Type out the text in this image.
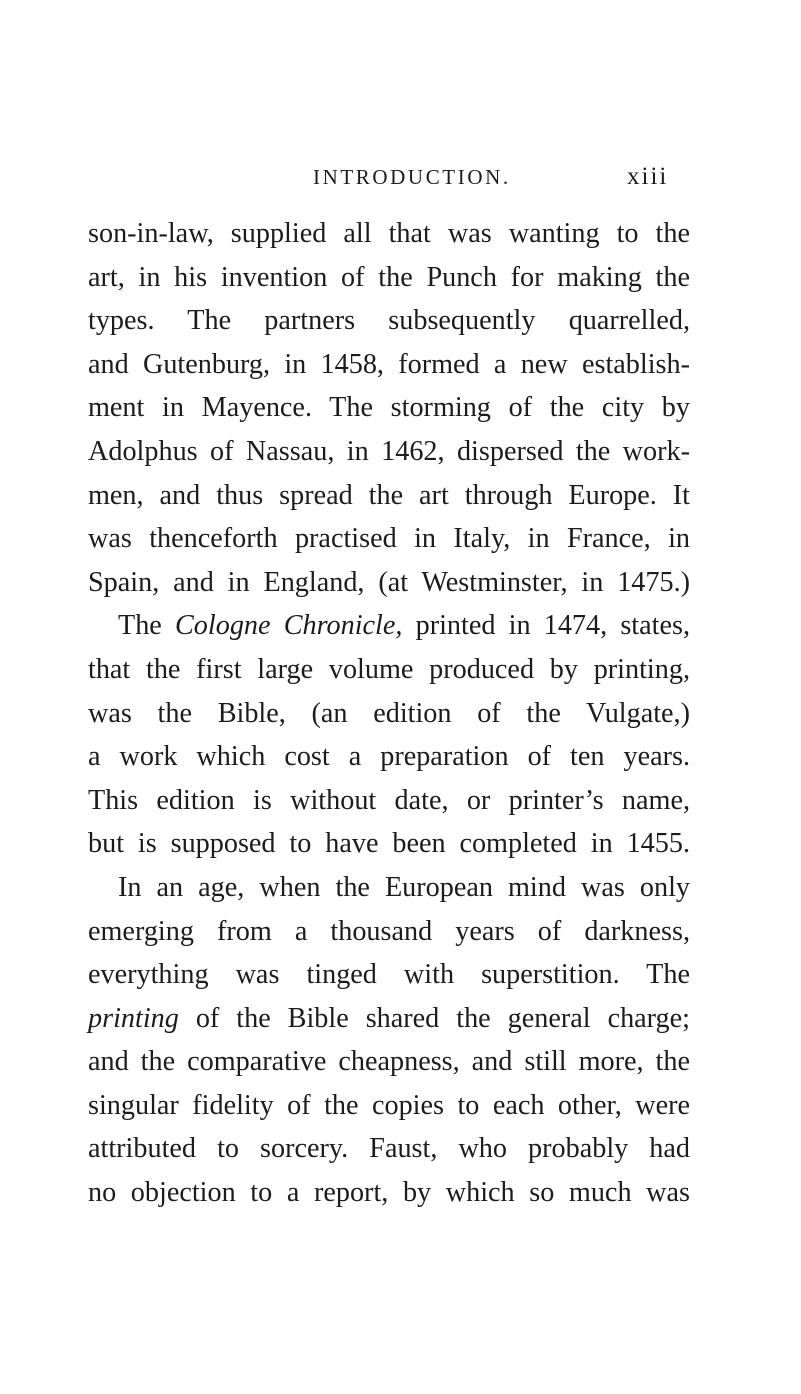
INTRODUCTION.	xiii
son-in-law, supplied all that was wanting to the
art, in his invention of the Punch for making the
types. The partners subsequently quarrelled,
and Gutenburg, in 1458, formed a new establish-
ment in Mayence. The storming of the city by
Adolphus of Nassau, in 1462, dispersed the work-
men, and thus spread the art through Europe. It
was thenceforth practised in Italy, in France, in
Spain, and in England, (at Westminster, in 1475.)
The Cologne Chronicle, printed in 1474, states,
that the first large volume produced by printing,
was the Bible, (an edition of the Vulgate,)
a work which cost a preparation of ten years.
This edition is without date, or printer’s name,
but is supposed to have been completed in 1455.
In an age, when the European mind was only
emerging from a thousand years of darkness,
everything was tinged with superstition. The
printing of the Bible shared the general charge;
and the comparative cheapness, and still more, the
singular fidelity of the copies to each other, were
attributed to sorcery. Faust, who probably had
no objection to a report, by which so much was
